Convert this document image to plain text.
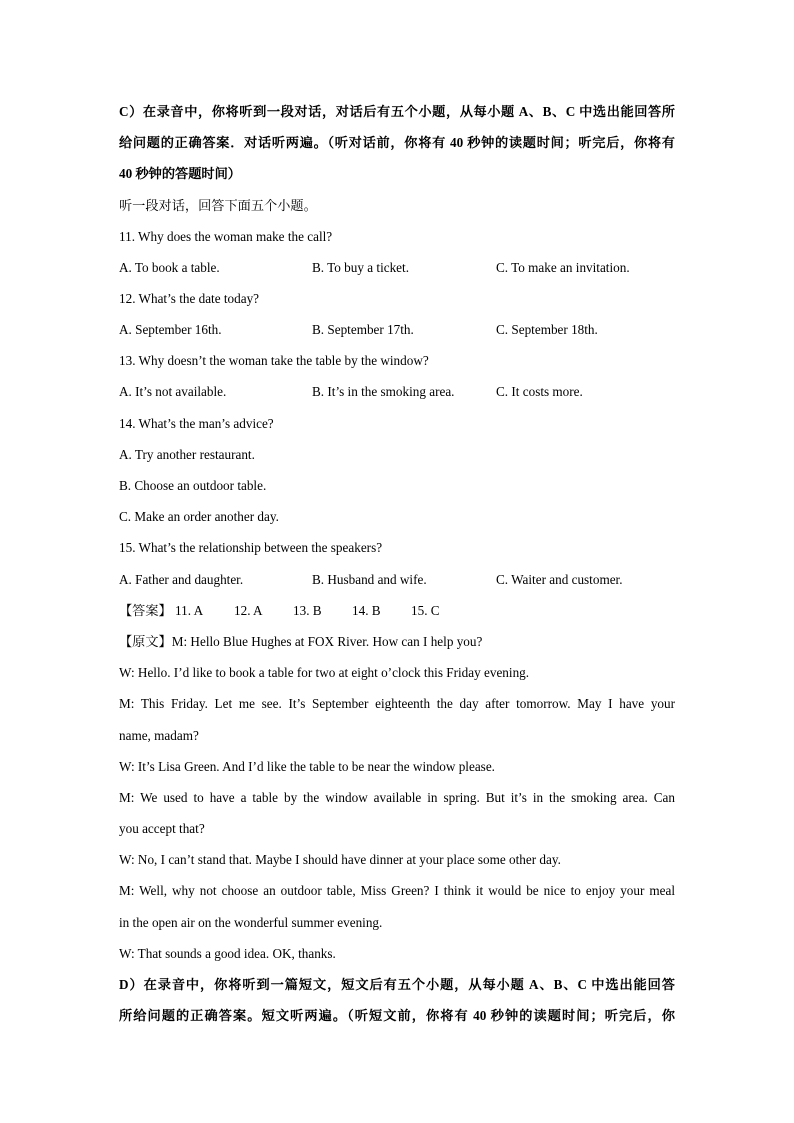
C）在录音中，你将听到一段对话，对话后有五个小题，从每小题 A、B、C 中选出能回答所
给问题的正确答案．对话听两遍。（听对话前，你将有 40 秒钟的读题时间；听完后，你将有
40 秒钟的答题时间）
听一段对话，回答下面五个小题。
11. Why does the woman make the call?
A. To book a table.	B. To buy a ticket.	C. To make an invitation.
12. What’s the date today?
A. September 16th.	B. September 17th.	C. September 18th.
13. Why doesn’t the woman take the table by the window?
A. It’s not available.	B. It’s in the smoking area.	C. It costs more.
14. What’s the man’s advice?
A. Try another restaurant.
B. Choose an outdoor table.
C. Make an order another day.
15. What’s the relationship between the speakers?
A. Father and daughter.	B. Husband and wife.	C. Waiter and customer.
【答案】 11. A 12. A 13. B 14. B 15. C
【原文】M: Hello Blue Hughes at FOX River. How can I help you?
W: Hello. I’d like to book a table for two at eight o’clock this Friday evening.
M: This Friday. Let me see. It’s September eighteenth the day after tomorrow. May I have your
name, madam?
W: It’s Lisa Green. And I’d like the table to be near the window please.
M: We used to have a table by the window available in spring. But it’s in the smoking area. Can
you accept that?
W: No, I can’t stand that. Maybe I should have dinner at your place some other day.
M: Well, why not choose an outdoor table, Miss Green? I think it would be nice to enjoy your meal
in the open air on the wonderful summer evening.
W: That sounds a good idea. OK, thanks.
D）在录音中，你将听到一篇短文，短文后有五个小题，从每小题 A、B、C 中选出能回答
所给问题的正确答案。短文听两遍。（听短文前，你将有 40 秒钟的读题时间；听完后，你
